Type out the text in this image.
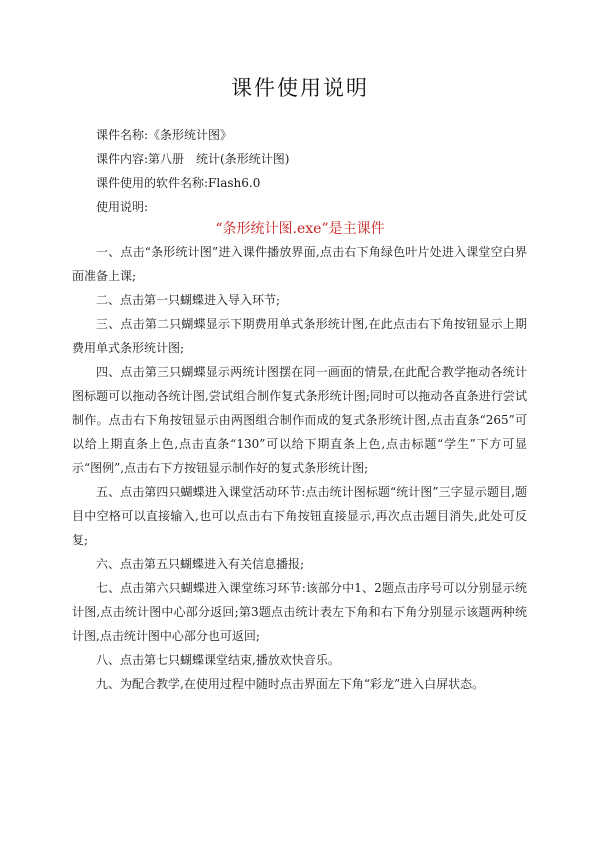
课件使用说明
课件名称:《条形统计图》
课件内容:第八册　统计(条形统计图)
课件使用的软件名称:Flash6.0
使用说明:
“条形统计图.exe”是主课件

一、点击“条形统计图”进入课件播放界面,点击右下角绿色叶片处进入课堂空白界面准备上课;

二、点击第一只蝴蝶进入导入环节;

三、点击第二只蝴蝶显示下期费用单式条形统计图,在此点击右下角按钮显示上期费用单式条形统计图;

四、点击第三只蝴蝶显示两统计图摆在同一画面的情景,在此配合教学拖动各统计图标题可以拖动各统计图,尝试组合制作复式条形统计图;同时可以拖动各直条进行尝试制作。点击右下角按钮显示由两图组合制作而成的复式条形统计图,点击直条“265”可以给上期直条上色,点击直条“130”可以给下期直条上色,点击标题“学生”下方可显示“图例”,点击右下方按钮显示制作好的复式条形统计图;

五、点击第四只蝴蝶进入课堂活动环节:点击统计图标题“统计图”三字显示题目,题目中空格可以直接输入,也可以点击右下角按钮直接显示,再次点击题目消失,此处可反复;

六、点击第五只蝴蝶进入有关信息播报;

七、点击第六只蝴蝶进入课堂练习环节:该部分中1、2题点击序号可以分别显示统计图,点击统计图中心部分返回;第3题点击统计表左下角和右下角分别显示该题两种统计图,点击统计图中心部分也可返回;

八、点击第七只蝴蝶课堂结束,播放欢快音乐。

九、为配合教学,在使用过程中随时点击界面左下角“彩龙”进入白屏状态。
